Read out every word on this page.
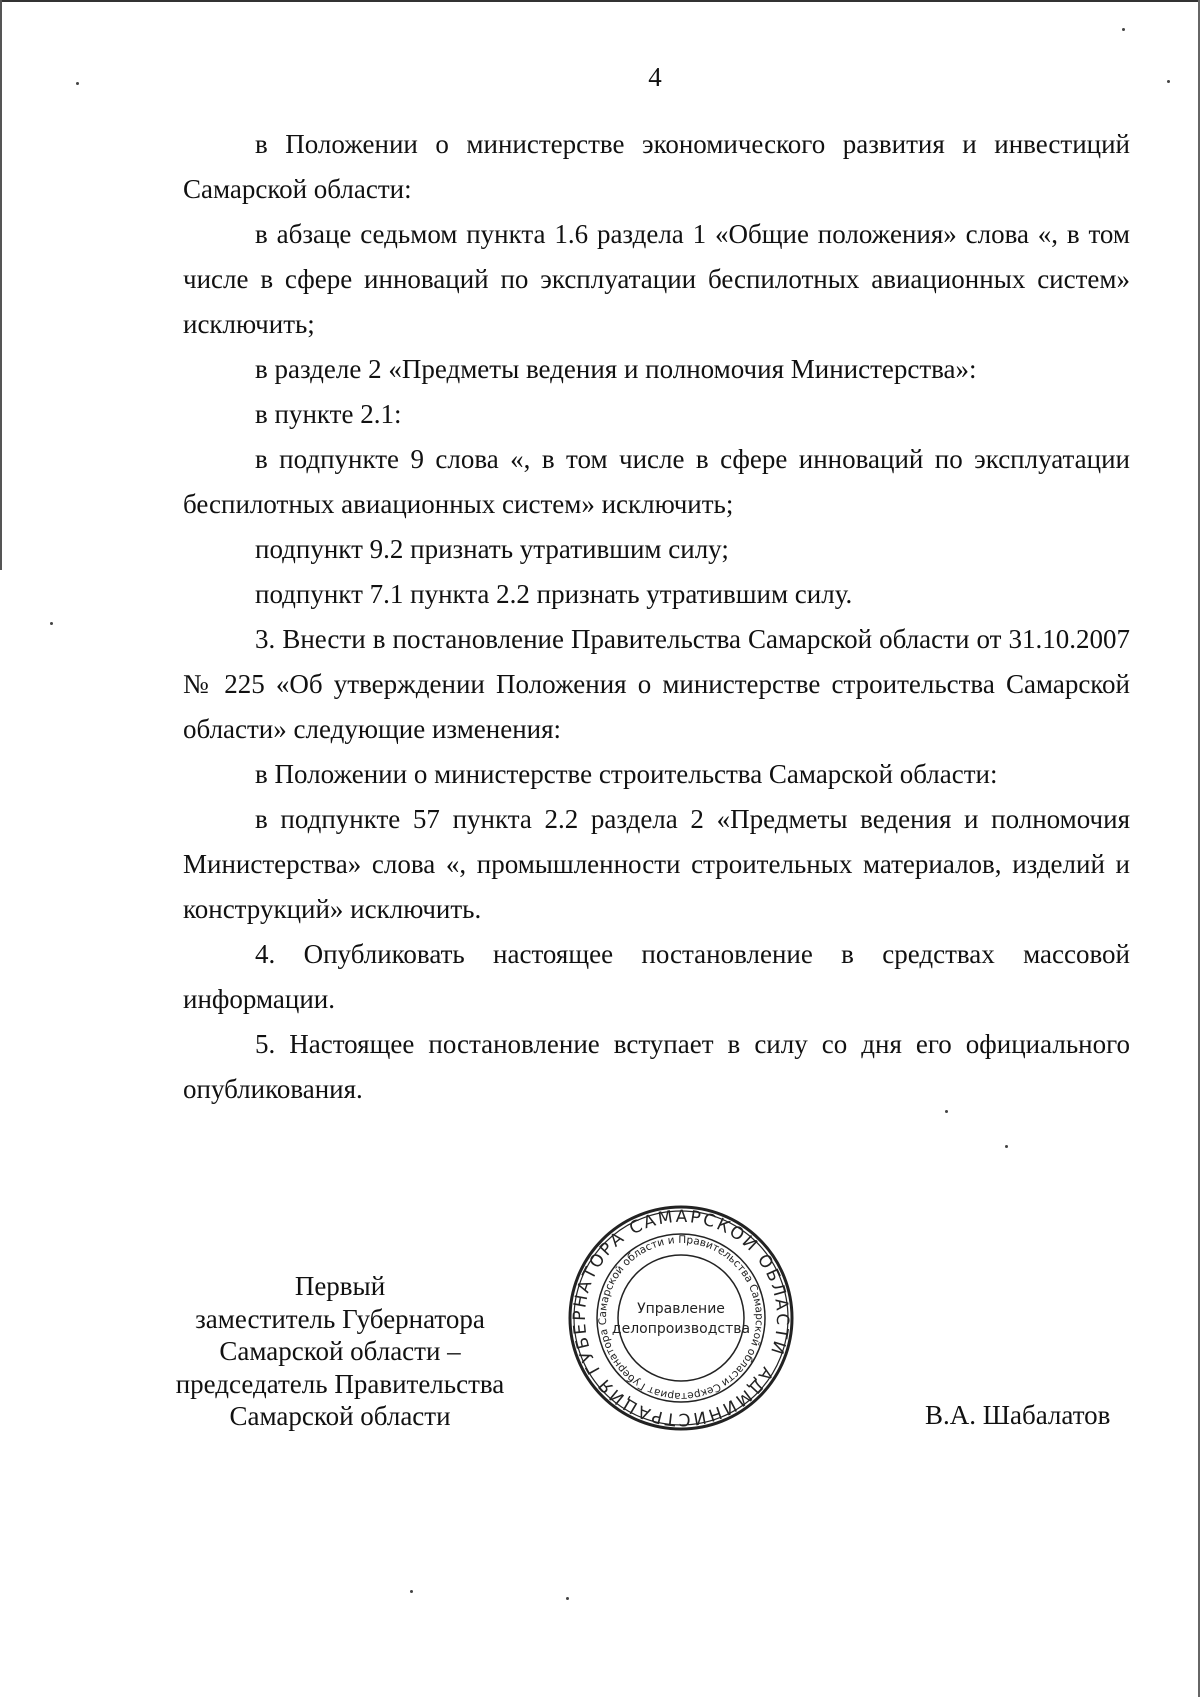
4

в Положении о министерстве экономического развития и инвестиций Самарской области:

в абзаце седьмом пункта 1.6 раздела 1 «Общие положения» слова «, в том числе в сфере инноваций по эксплуатации беспилотных авиационных систем» исключить;

в разделе 2 «Предметы ведения и полномочия Министерства»:

в пункте 2.1:

в подпункте 9 слова «, в том числе в сфере инноваций по эксплуатации беспилотных авиационных систем» исключить;

подпункт 9.2 признать утратившим силу;

подпункт 7.1 пункта 2.2 признать утратившим силу.

3. Внести в постановление Правительства Самарской области от 31.10.2007 № 225 «Об утверждении Положения о министерстве строительства Самарской области» следующие изменения:

в Положении о министерстве строительства Самарской области:

в подпункте 57 пункта 2.2 раздела 2 «Предметы ведения и полномочия Министерства» слова «, промышленности строительных материалов, изделий и конструкций» исключить.

4. Опубликовать настоящее постановление в средствах массовой информации.

5. Настоящее постановление вступает в силу со дня его официального опубликования.

Первый
заместитель Губернатора
Самарской области –
председатель Правительства
Самарской области
АДМИНИСТРАЦИЯ ГУБЕРНАТОРА САМАРСКОЙ ОБЛАСТИ
Секретариат Губернатора Самарской области и Правительства Самарской области
Управление
делопроизводства
В.А. Шабалатов
